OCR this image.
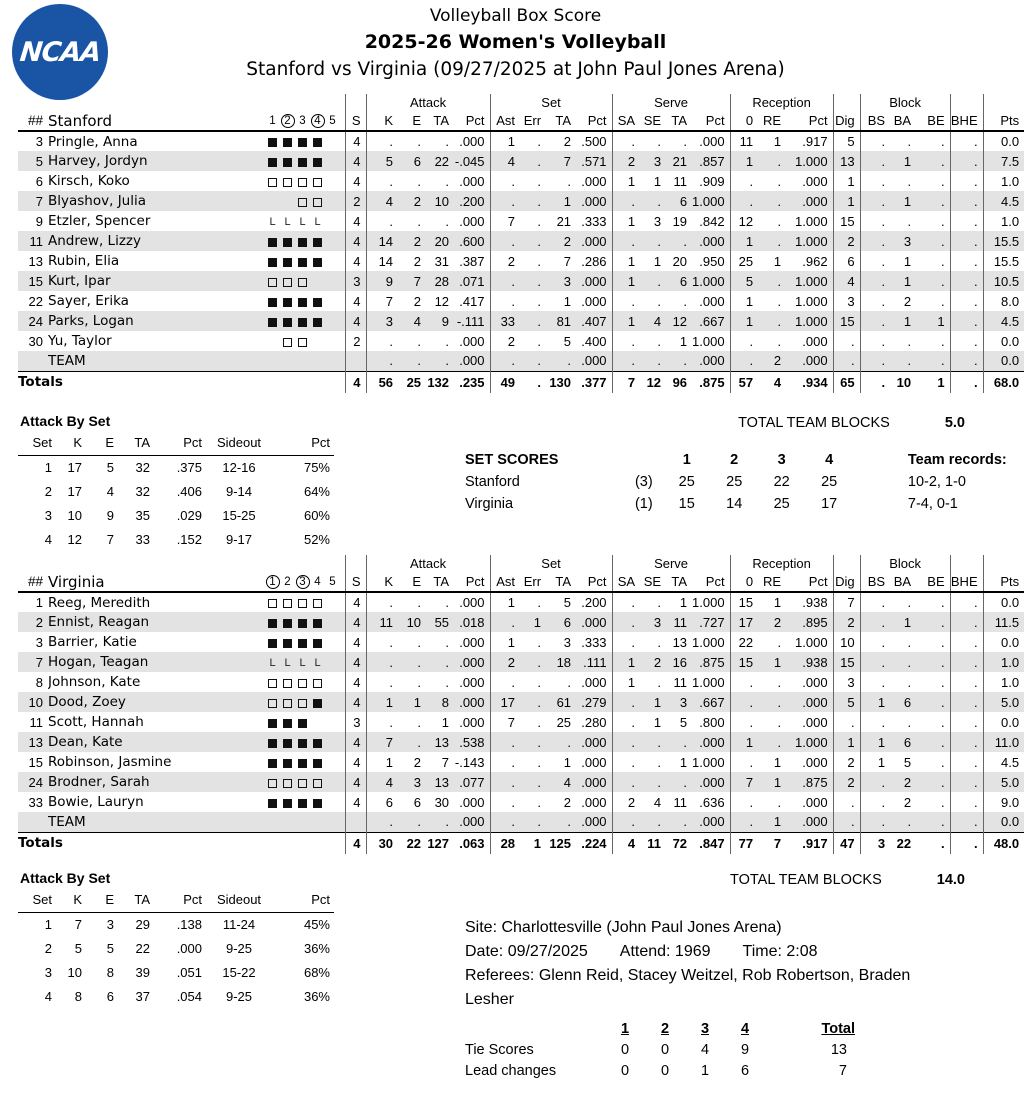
NCAA
Volleyball Box Score
2025-26 Women's Volleyball
Stanford vs Virginia (09/27/2025 at John Paul Jones Arena)
				Attack				Set				Serve				Reception				Block				
##	Stanford	1 2 3 4 5	S	K	E	TA	Pct	Ast	Err	TA	Pct	SA	SE	TA	Pct	0	RE	Pct	Dig	BS	BA	BE	BHE	Pts
3	Pringle, Anna		4	.	.	.	.000	1	.	2	.500	.	.	.	.000	11	1	.917	5	.	.	.	.	0.0
5	Harvey, Jordyn		4	5	6	22	-.045	4	.	7	.571	2	3	21	.857	1	.	1.000	13	.	1	.	.	7.5
6	Kirsch, Koko		4	.	.	.	.000	.	.	.	.000	1	1	11	.909	.	.	.000	1	.	.	.	.	1.0
7	Blyashov, Julia		2	4	2	10	.200	.	.	1	.000	.	.	6	1.000	.	.	.000	1	.	1	.	.	4.5
9	Etzler, Spencer	L L L L	4	.	.	.	.000	7	.	21	.333	1	3	19	.842	12	.	1.000	15	.	.	.	.	1.0
11	Andrew, Lizzy		4	14	2	20	.600	.	.	2	.000	.	.	.	.000	1	.	1.000	2	.	3	.	.	15.5
13	Rubin, Elia		4	14	2	31	.387	2	.	7	.286	1	1	20	.950	25	1	.962	6	.	1	.	.	15.5
15	Kurt, Ipar		3	9	7	28	.071	.	.	3	.000	1	.	6	1.000	5	.	1.000	4	.	1	.	.	10.5
22	Sayer, Erika		4	7	2	12	.417	.	.	1	.000	.	.	.	.000	1	.	1.000	3	.	2	.	.	8.0
24	Parks, Logan		4	3	4	9	-.111	33	.	81	.407	1	4	12	.667	1	.	1.000	15	.	1	1	.	4.5
30	Yu, Taylor		2	.	.	.	.000	2	.	5	.400	.	.	1	1.000	.	.	.000	.	.	.	.	.	0.0
	TEAM			.	.	.	.000	.	.	.	.000	.	.	.	.000	.	2	.000	.	.	.	.	.	0.0
Totals			4	56	25	132	.235	49	.	130	.377	7	12	96	.875	57	4	.934	65	.	10	1	.	68.0
Attack By Set
Set	K	E	TA	Pct	Sideout	Pct
1	17	5	32	.375	12-16	75%
2	17	4	32	.406	9-14	64%
3	10	9	35	.029	15-25	60%
4	12	7	33	.152	9-17	52%
TOTAL TEAM BLOCKS	5.0
SET SCORES		1	2	3	4	Team records:
Stanford	(3)	25	25	22	25	10-2, 1-0
Virginia	(1)	15	14	25	17	7-4, 0-1
				Attack				Set				Serve				Reception				Block				
##	Virginia	1 2 3 4 5	S	K	E	TA	Pct	Ast	Err	TA	Pct	SA	SE	TA	Pct	0	RE	Pct	Dig	BS	BA	BE	BHE	Pts
1	Reeg, Meredith		4	.	.	.	.000	1	.	5	.200	.	.	1	1.000	15	1	.938	7	.	.	.	.	0.0
2	Ennist, Reagan		4	11	10	55	.018	.	1	6	.000	.	3	11	.727	17	2	.895	2	.	1	.	.	11.5
3	Barrier, Katie		4	.	.	.	.000	1	.	3	.333	.	.	13	1.000	22	.	1.000	10	.	.	.	.	0.0
7	Hogan, Teagan	L L L L	4	.	.	.	.000	2	.	18	.111	1	2	16	.875	15	1	.938	15	.	.	.	.	1.0
8	Johnson, Kate		4	.	.	.	.000	.	.	.	.000	1	.	11	1.000	.	.	.000	3	.	.	.	.	1.0
10	Dood, Zoey		4	1	1	8	.000	17	.	61	.279	.	1	3	.667	.	.	.000	5	1	6	.	.	5.0
11	Scott, Hannah		3	.	.	1	.000	7	.	25	.280	.	1	5	.800	.	.	.000	.	.	.	.	.	0.0
13	Dean, Kate		4	7	.	13	.538	.	.	.	.000	.	.	.	.000	1	.	1.000	1	1	6	.	.	11.0
15	Robinson, Jasmine		4	1	2	7	-.143	.	.	1	.000	.	.	1	1.000	.	1	.000	2	1	5	.	.	4.5
24	Brodner, Sarah		4	4	3	13	.077	.	.	4	.000	.	.	.	.000	7	1	.875	2	.	2	.	.	5.0
33	Bowie, Lauryn		4	6	6	30	.000	.	.	2	.000	2	4	11	.636	.	.	.000	.	.	2	.	.	9.0
	TEAM			.	.	.	.000	.	.	.	.000	.	.	.	.000	.	1	.000	.	.	.	.	.	0.0
Totals			4	30	22	127	.063	28	1	125	.224	4	11	72	.847	77	7	.917	47	3	22	.	.	48.0
Attack By Set
Set	K	E	TA	Pct	Sideout	Pct
1	7	3	29	.138	11-24	45%
2	5	5	22	.000	9-25	36%
3	10	8	39	.051	15-22	68%
4	8	6	37	.054	9-25	36%
TOTAL TEAM BLOCKS	14.0
Site: Charlottesville (John Paul Jones Arena)
Date: 09/27/2025 Attend: 1969 Time: 2:08
Referees: Glenn Reid, Stacey Weitzel, Rob Robertson, Braden Lesher
	1	2	3	4	Total
Tie Scores	0	0	4	9	13
Lead changes	0	0	1	6	7
